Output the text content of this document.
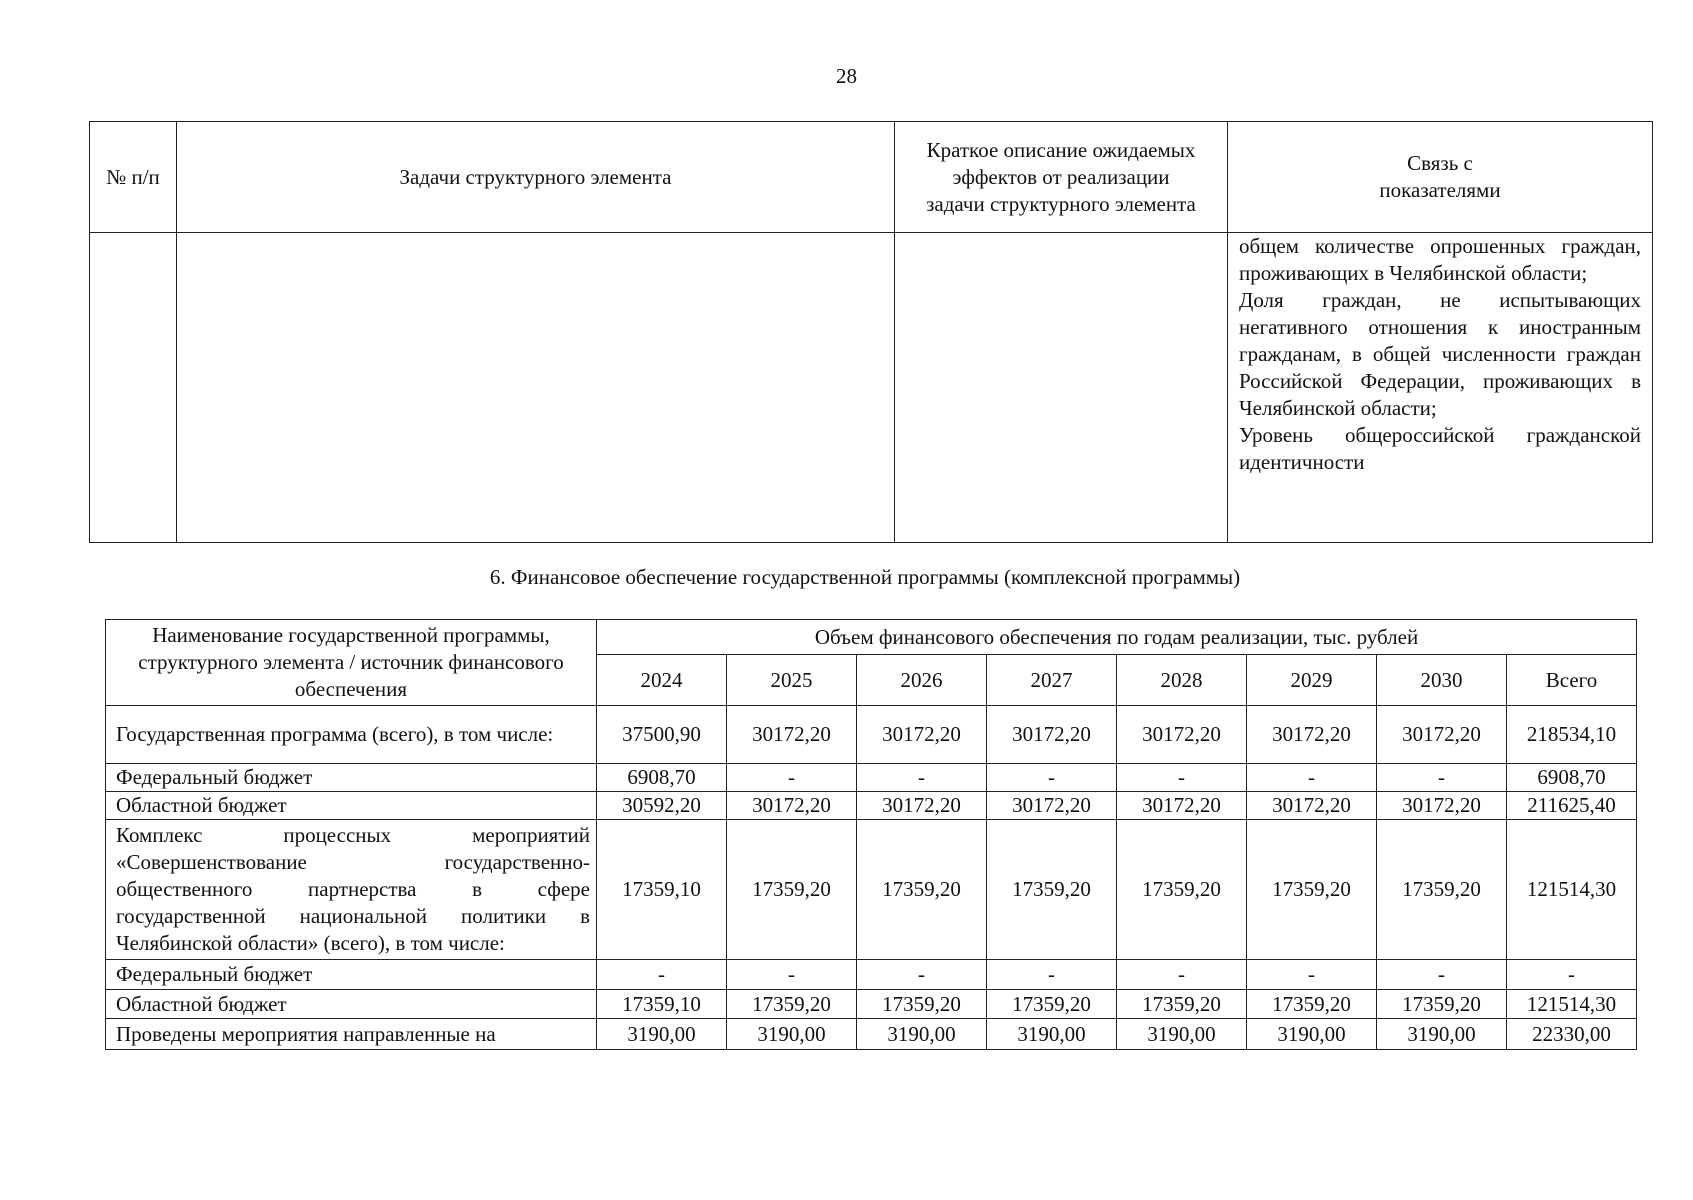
28
№ п/п	Задачи структурного элемента	Краткое описание ожидаемых эффектов от реализации задачи структурного элемента	Связь с показателями

			общем количестве опрошенных граждан, проживающих в Челябинской области;

Доля граждан, не испытывающих негативного отношения к иностранным гражданам, в общей численности граждан Российской Федерации, проживающих в Челябинской области;

Уровень общероссийской гражданской идентичности

6. Финансовое обеспечение государственной программы (комплексной программы)
Наименование государственной программы, структурного элемента / источник финансового обеспечения	Объем финансового обеспечения по годам реализации, тыс. рублей							
	2024	2025	2026	2027	2028	2029	2030	Всего
Государственная программа (всего), в том числе:	37500,90	30172,20	30172,20	30172,20	30172,20	30172,20	30172,20	218534,10
Федеральный бюджет	6908,70	-	-	-	-	-	-	6908,70
Областной бюджет	30592,20	30172,20	30172,20	30172,20	30172,20	30172,20	30172,20	211625,40
Комплекс процессных мероприятий «Совершенствование государственно-общественного партнерства в сфере государственной национальной политики в Челябинской области» (всего), в том числе:	17359,10	17359,20	17359,20	17359,20	17359,20	17359,20	17359,20	121514,30
Федеральный бюджет	-	-	-	-	-	-	-	-
Областной бюджет	17359,10	17359,20	17359,20	17359,20	17359,20	17359,20	17359,20	121514,30
Проведены мероприятия направленные на	3190,00	3190,00	3190,00	3190,00	3190,00	3190,00	3190,00	22330,00
